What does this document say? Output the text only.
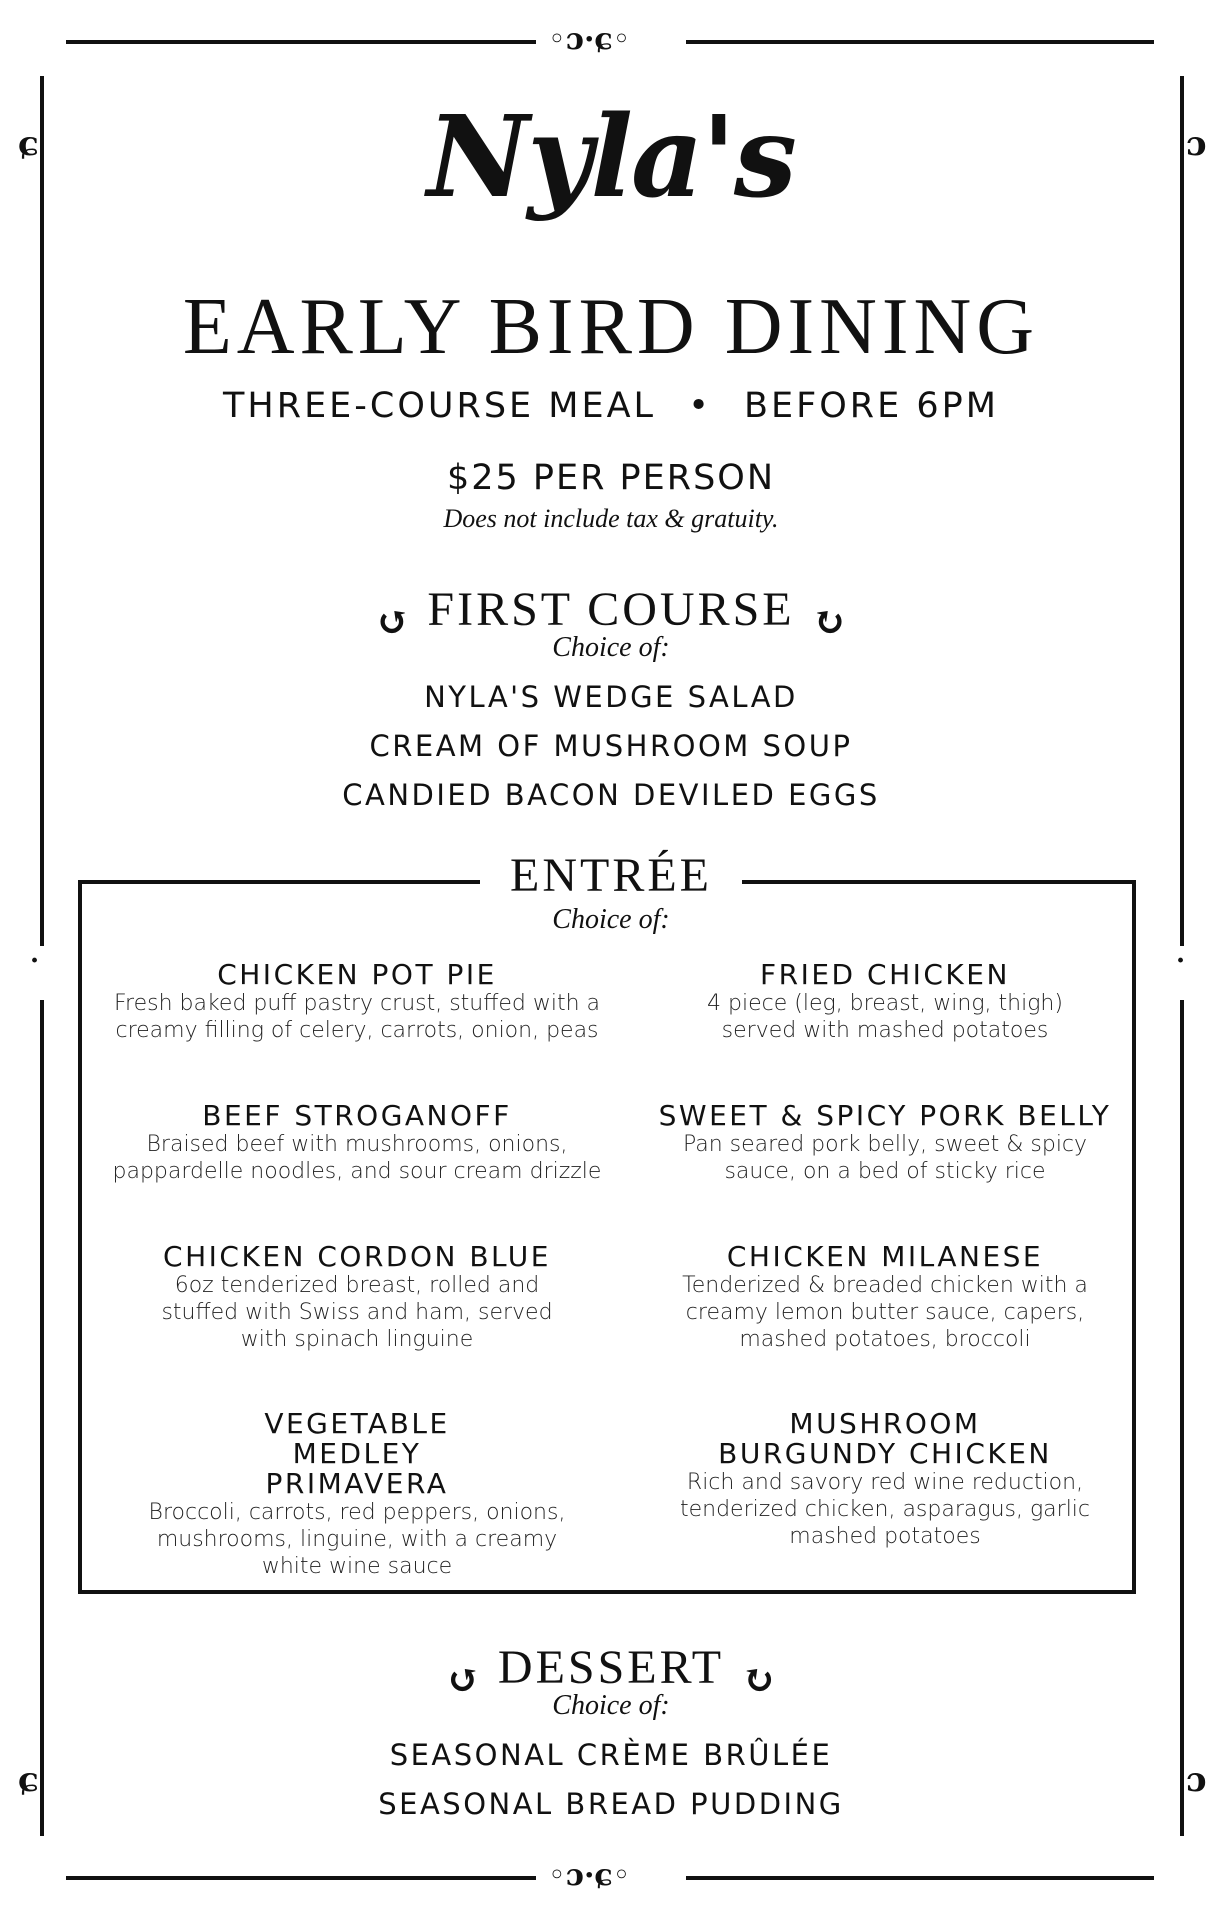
◦ɔ·ɕ◦
◦ɔ·ɕ◦
ɕ	ɔ
ɕ	ɔ
·	·
Nyla's
EARLY BIRD DINING
THREE-COURSE MEAL • BEFORE 6PM
$25 PER PERSON
Does not include tax & gratuity.
↺ FIRST COURSE ↻
Choice of:
NYLA'S WEDGE SALAD
CREAM OF MUSHROOM SOUP
CANDIED BACON DEVILED EGGS
ENTRÉE
Choice of:
CHICKEN POT PIE
Fresh baked puff pastry crust, stuffed with a creamy filling of celery, carrots, onion, peas
FRIED CHICKEN
4 piece (leg, breast, wing, thigh) served with mashed potatoes
BEEF STROGANOFF
Braised beef with mushrooms, onions, pappardelle noodles, and sour cream drizzle
SWEET & SPICY PORK BELLY
Pan seared pork belly, sweet & spicy sauce, on a bed of sticky rice
CHICKEN CORDON BLUE
6oz tenderized breast, rolled and stuffed with Swiss and ham, served with spinach linguine
CHICKEN MILANESE
Tenderized & breaded chicken with a creamy lemon butter sauce, capers, mashed potatoes, broccoli
VEGETABLE MEDLEY PRIMAVERA
Broccoli, carrots, red peppers, onions, mushrooms, linguine, with a creamy white wine sauce
MUSHROOM BURGUNDY CHICKEN
Rich and savory red wine reduction, tenderized chicken, asparagus, garlic mashed potatoes
↺ DESSERT ↻
Choice of:
SEASONAL CRÈME BRÛLÉE
SEASONAL BREAD PUDDING
